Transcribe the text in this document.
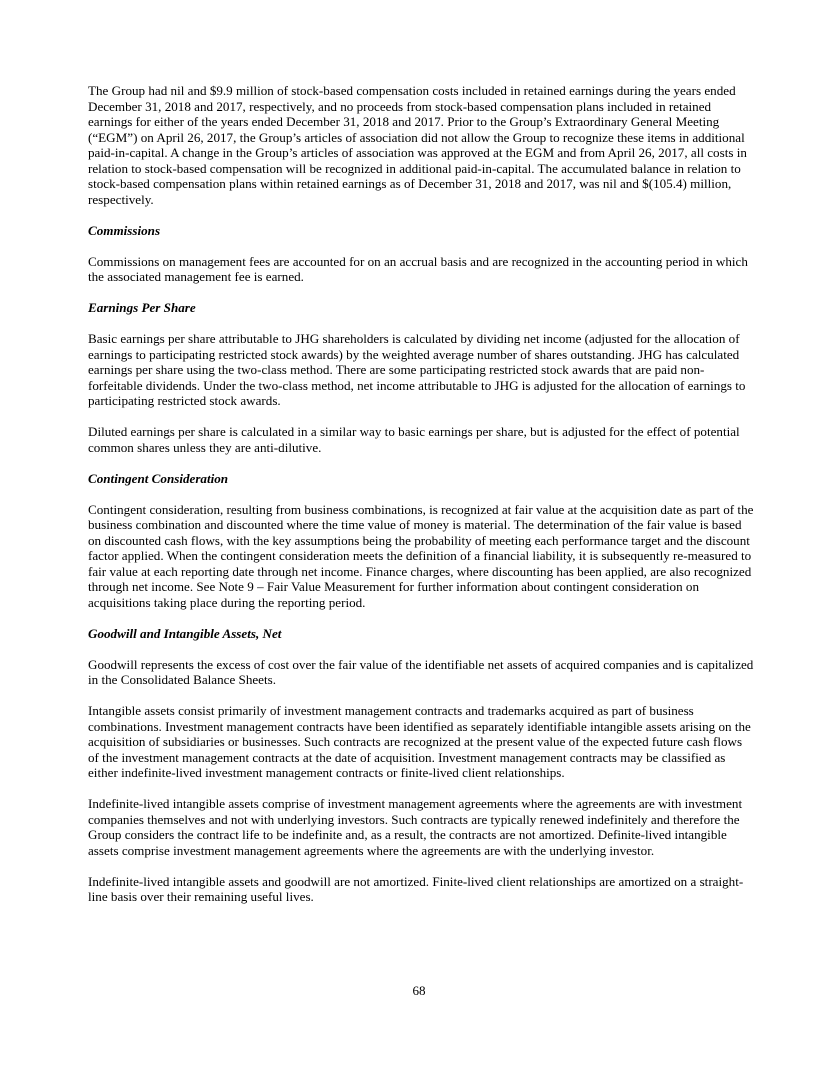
The Group had nil and $9.9 million of stock-based compensation costs included in retained earnings during the years ended December 31, 2018 and 2017, respectively, and no proceeds from stock-based compensation plans included in retained earnings for either of the years ended December 31, 2018 and 2017. Prior to the Group’s Extraordinary General Meeting (“EGM”) on April 26, 2017, the Group’s articles of association did not allow the Group to recognize these items in additional paid-in-capital. A change in the Group’s articles of association was approved at the EGM and from April 26, 2017, all costs in relation to stock-based compensation will be recognized in additional paid-in-capital. The accumulated balance in relation to stock-based compensation plans within retained earnings as of December 31, 2018 and 2017, was nil and $(105.4) million, respectively.

Commissions

Commissions on management fees are accounted for on an accrual basis and are recognized in the accounting period in which the associated management fee is earned.

Earnings Per Share

Basic earnings per share attributable to JHG shareholders is calculated by dividing net income (adjusted for the allocation of earnings to participating restricted stock awards) by the weighted average number of shares outstanding. JHG has calculated earnings per share using the two-class method. There are some participating restricted stock awards that are paid non-forfeitable dividends. Under the two-class method, net income attributable to JHG is adjusted for the allocation of earnings to participating restricted stock awards.

Diluted earnings per share is calculated in a similar way to basic earnings per share, but is adjusted for the effect of potential common shares unless they are anti-dilutive.

Contingent Consideration

Contingent consideration, resulting from business combinations, is recognized at fair value at the acquisition date as part of the business combination and discounted where the time value of money is material. The determination of the fair value is based on discounted cash flows, with the key assumptions being the probability of meeting each performance target and the discount factor applied. When the contingent consideration meets the definition of a financial liability, it is subsequently re-measured to fair value at each reporting date through net income. Finance charges, where discounting has been applied, are also recognized through net income. See Note 9 – Fair Value Measurement for further information about contingent consideration on acquisitions taking place during the reporting period.

Goodwill and Intangible Assets, Net

Goodwill represents the excess of cost over the fair value of the identifiable net assets of acquired companies and is capitalized in the Consolidated Balance Sheets.

Intangible assets consist primarily of investment management contracts and trademarks acquired as part of business combinations. Investment management contracts have been identified as separately identifiable intangible assets arising on the acquisition of subsidiaries or businesses. Such contracts are recognized at the present value of the expected future cash flows of the investment management contracts at the date of acquisition. Investment management contracts may be classified as either indefinite-lived investment management contracts or finite-lived client relationships.

Indefinite-lived intangible assets comprise of investment management agreements where the agreements are with investment companies themselves and not with underlying investors. Such contracts are typically renewed indefinitely and therefore the Group considers the contract life to be indefinite and, as a result, the contracts are not amortized. Definite-lived intangible assets comprise investment management agreements where the agreements are with the underlying investor.

Indefinite-lived intangible assets and goodwill are not amortized. Finite-lived client relationships are amortized on a straight-line basis over their remaining useful lives.

68
